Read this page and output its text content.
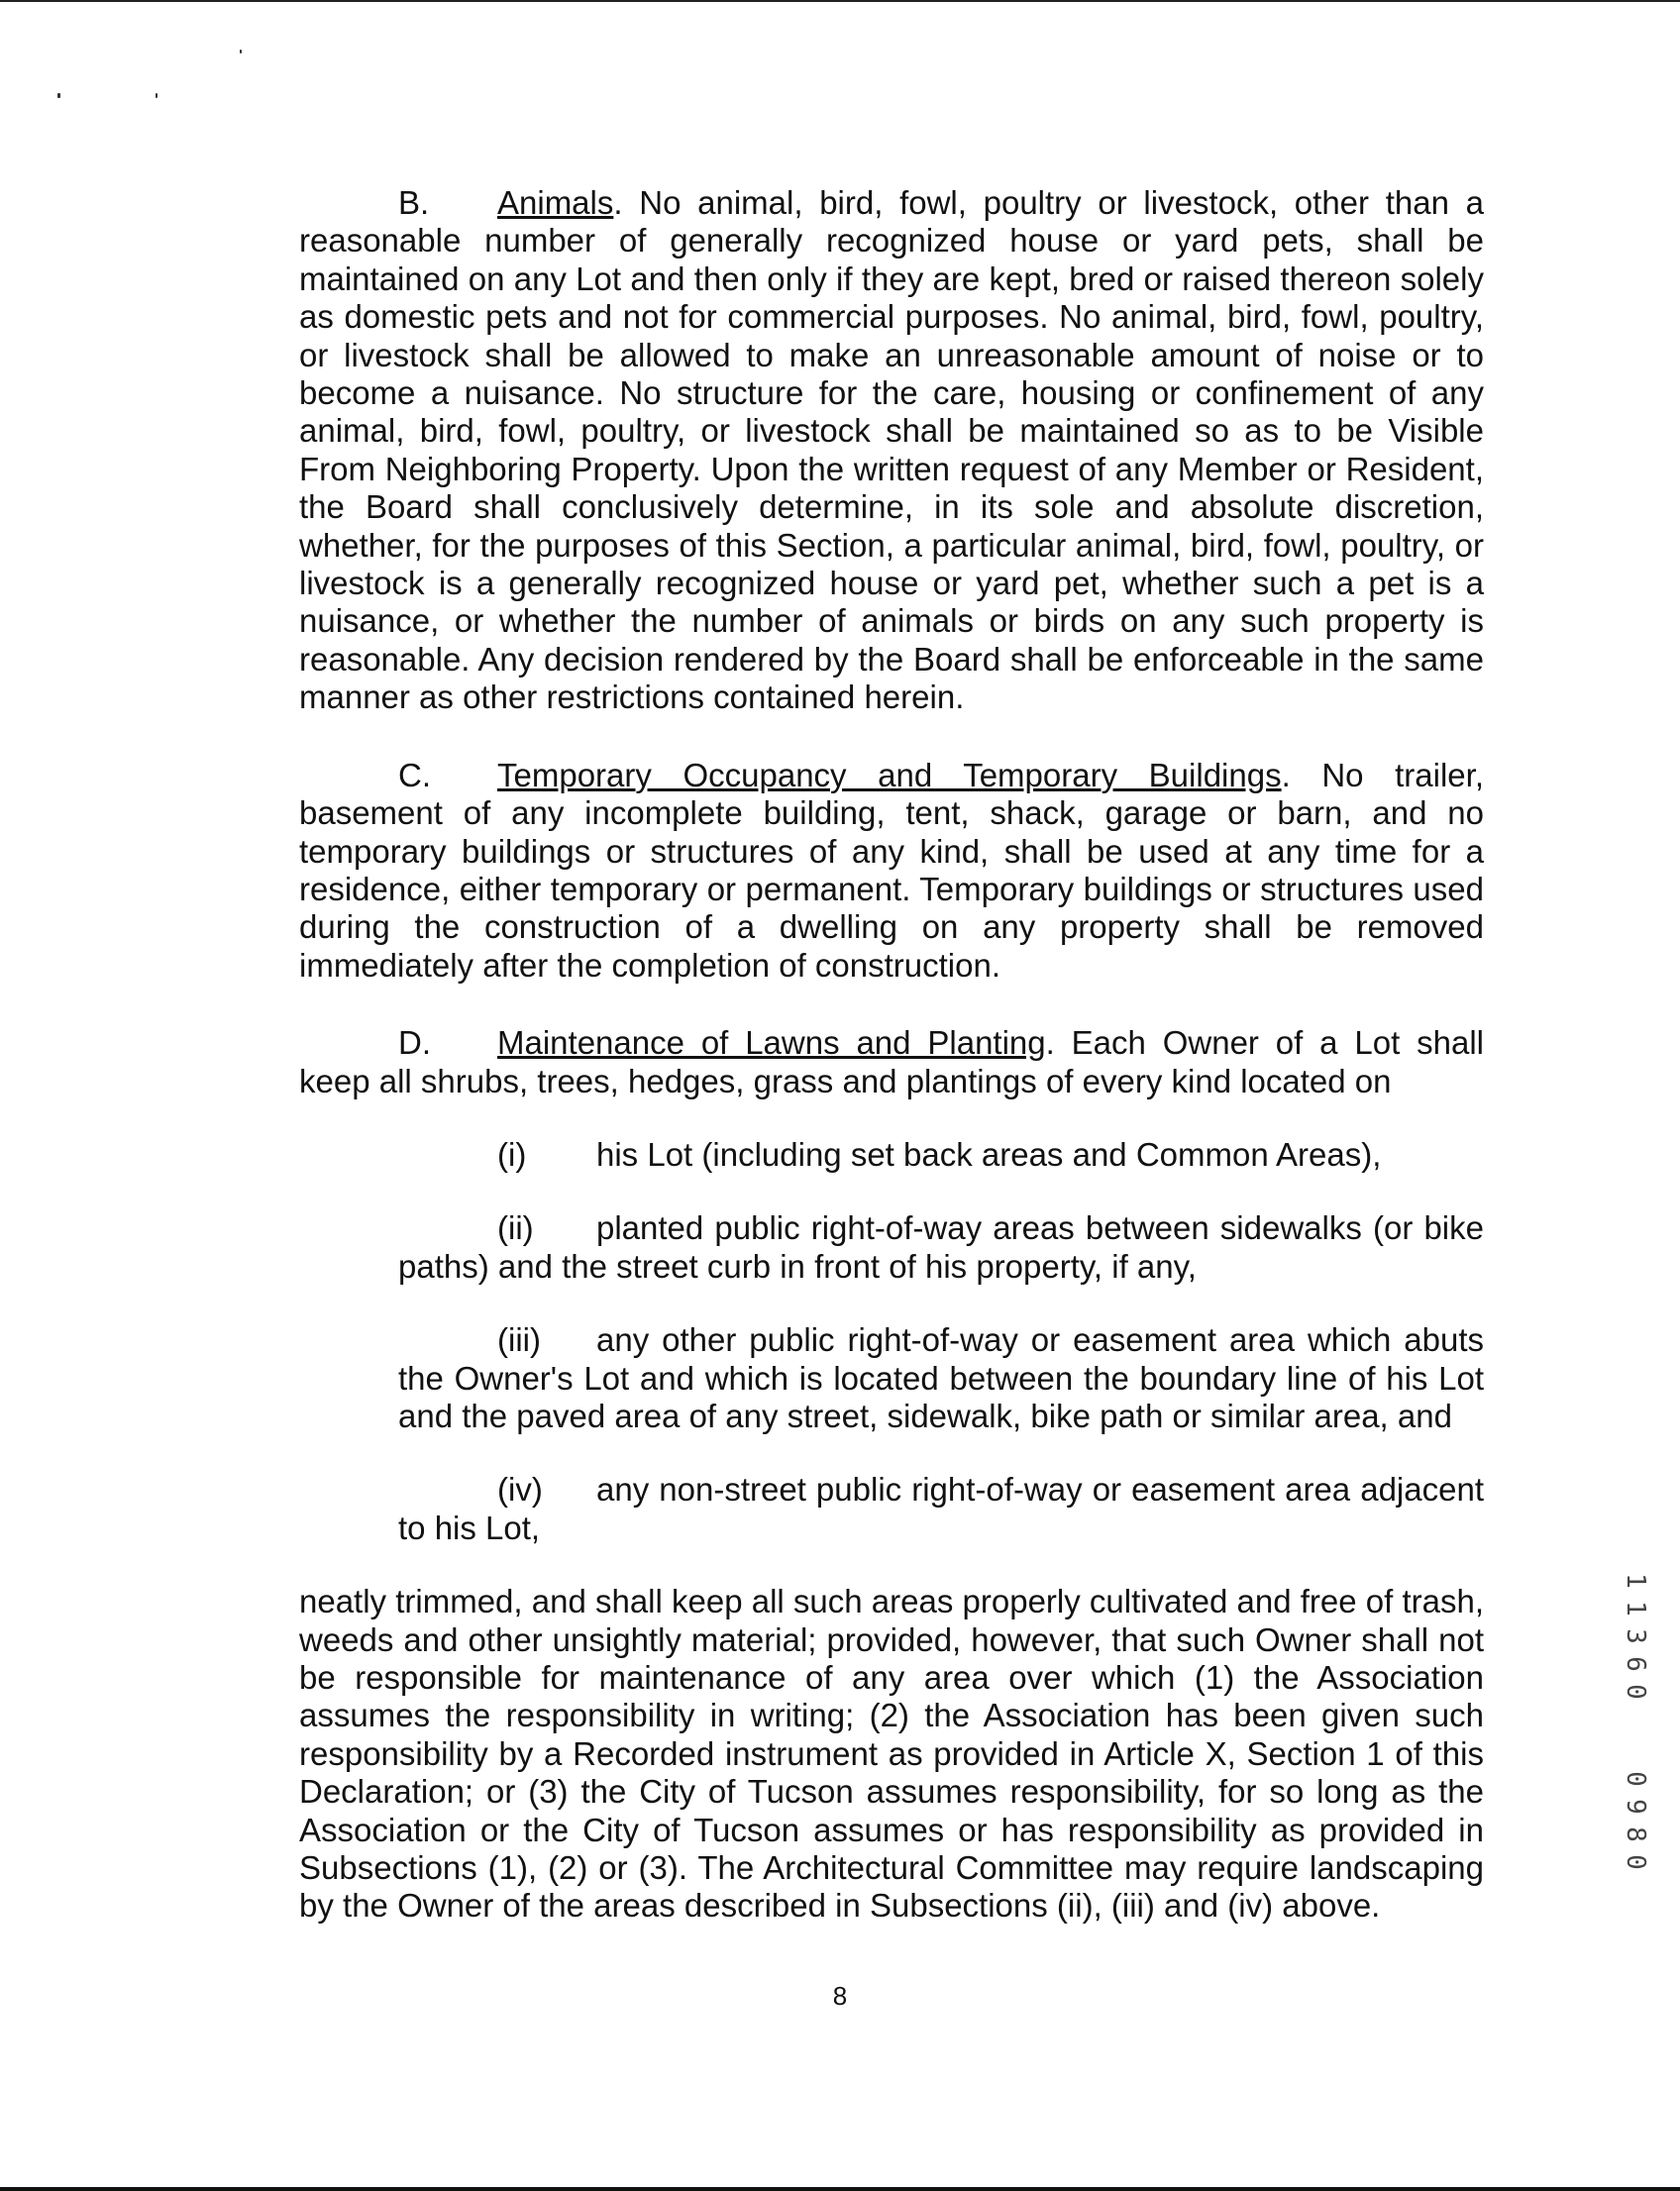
B. Animals. No animal, bird, fowl, poultry or livestock, other than a reasonable number of generally recognized house or yard pets, shall be maintained on any Lot and then only if they are kept, bred or raised thereon solely as domestic pets and not for commercial purposes. No animal, bird, fowl, poultry, or livestock shall be allowed to make an unreasonable amount of noise or to become a nuisance. No structure for the care, housing or confinement of any animal, bird, fowl, poultry, or livestock shall be maintained so as to be Visible From Neighboring Property. Upon the written request of any Member or Resident, the Board shall conclusively determine, in its sole and absolute discretion, whether, for the purposes of this Section, a particular animal, bird, fowl, poultry, or livestock is a generally recognized house or yard pet, whether such a pet is a nuisance, or whether the number of animals or birds on any such property is reasonable. Any decision rendered by the Board shall be enforceable in the same manner as other restrictions contained herein.

C. Temporary Occupancy and Temporary Buildings. No trailer, basement of any incomplete building, tent, shack, garage or barn, and no temporary buildings or structures of any kind, shall be used at any time for a residence, either temporary or permanent. Temporary buildings or structures used during the construction of a dwelling on any property shall be removed immediately after the completion of construction.

D. Maintenance of Lawns and Planting. Each Owner of a Lot shall keep all shrubs, trees, hedges, grass and plantings of every kind located on

(i) his Lot (including set back areas and Common Areas),

(ii) planted public right-of-way areas between sidewalks (or bike paths) and the street curb in front of his property, if any,

(iii) any other public right-of-way or easement area which abuts the Owner's Lot and which is located between the boundary line of his Lot and the paved area of any street, sidewalk, bike path or similar area, and

(iv) any non-street public right-of-way or easement area adjacent to his Lot,

neatly trimmed, and shall keep all such areas properly cultivated and free of trash, weeds and other unsightly material; provided, however, that such Owner shall not be responsible for maintenance of any area over which (1) the Association assumes the responsibility in writing; (2) the Association has been given such responsibility by a Recorded instrument as provided in Article X, Section 1 of this Declaration; or (3) the City of Tucson assumes responsibility, for so long as the Association or the City of Tucson assumes or has responsibility as provided in Subsections (1), (2) or (3). The Architectural Committee may require landscaping by the Owner of the areas described in Subsections (ii), (iii) and (iv) above.

8
1
1
3
6
0
0
9
8
0
